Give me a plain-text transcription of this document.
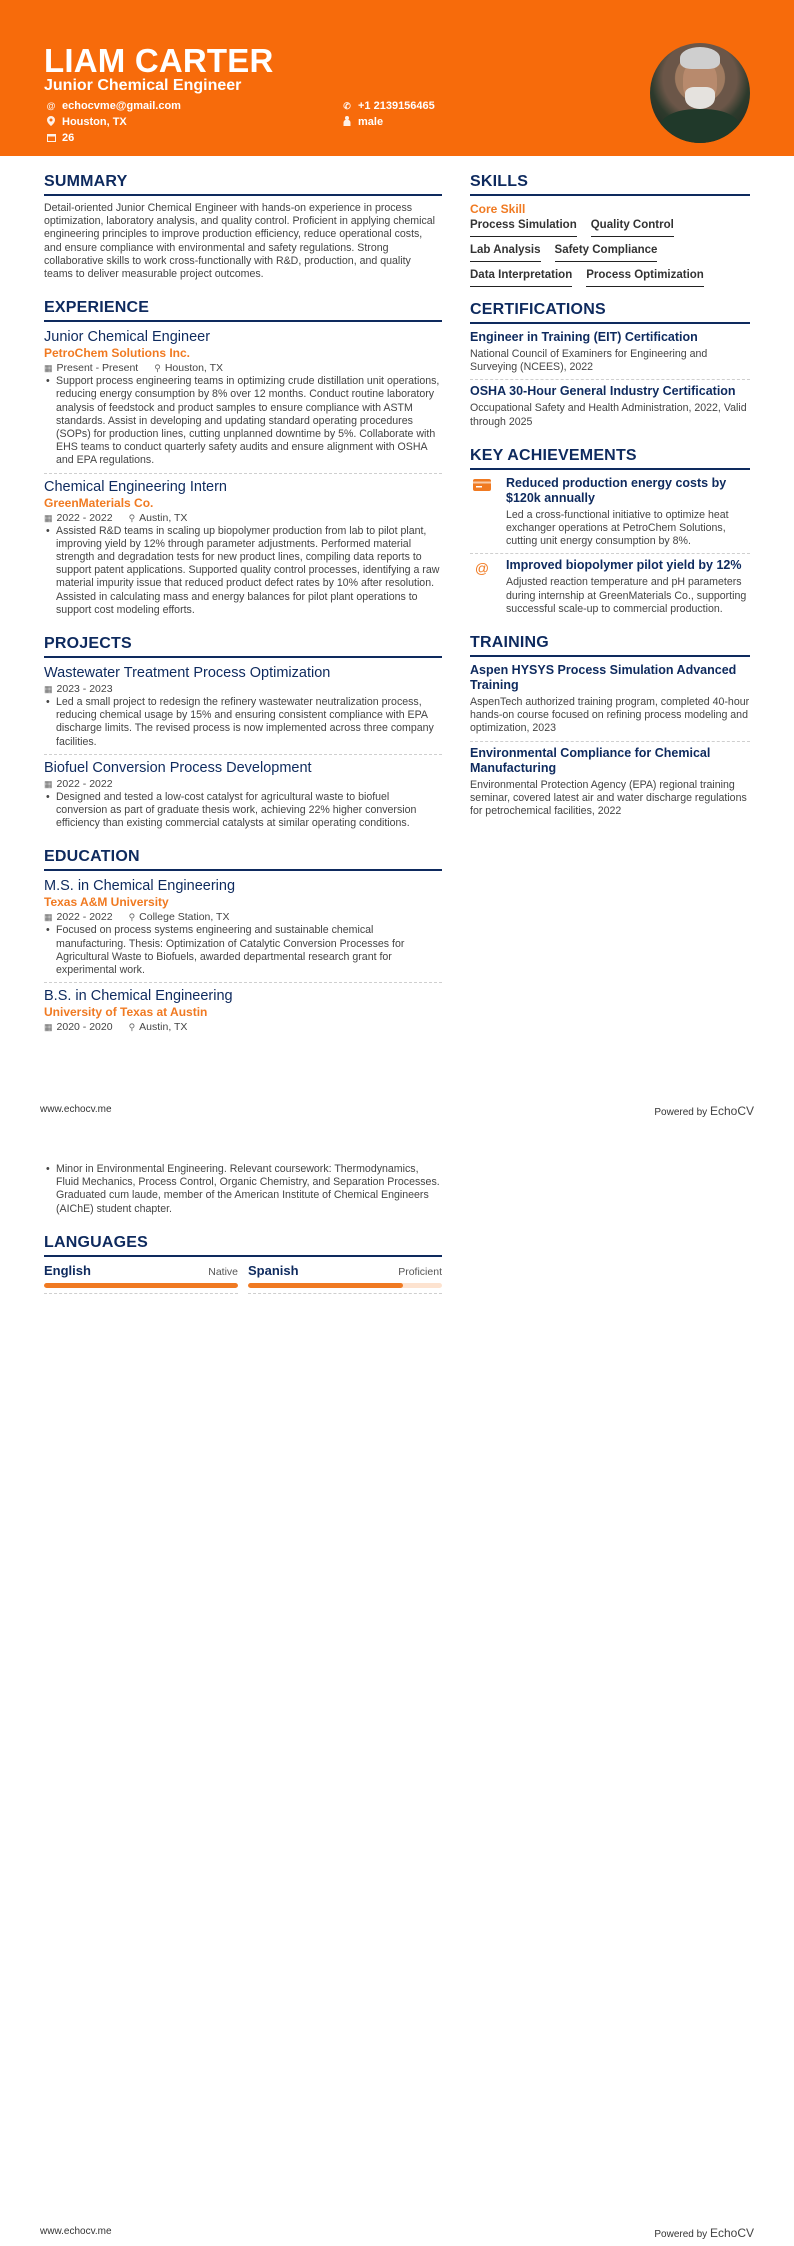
LIAM CARTER
Junior Chemical Engineer
@ echocvme@gmail.com
Houston, TX
26
✆ +1 2139156465
male
SUMMARY

Detail-oriented Junior Chemical Engineer with hands-on experience in process optimization, laboratory analysis, and quality control. Proficient in applying chemical engineering principles to improve production efficiency, reduce operational costs, and ensure compliance with environmental and safety regulations. Strong collaborative skills to work cross-functionally with R&D, production, and quality teams to deliver measurable project outcomes.

EXPERIENCE
Junior Chemical Engineer
PetroChem Solutions Inc.
▦ Present - Present ⚲ Houston, TX
• Support process engineering teams in optimizing crude distillation unit operations, reducing energy consumption by 8% over 12 months. Conduct routine laboratory analysis of feedstock and product samples to ensure compliance with ASTM standards. Assist in developing and updating standard operating procedures (SOPs) for production lines, cutting unplanned downtime by 5%. Collaborate with EHS teams to conduct quarterly safety audits and ensure alignment with OSHA and EPA regulations.
Chemical Engineering Intern
GreenMaterials Co.
▦ 2022 - 2022 ⚲ Austin, TX
• Assisted R&D teams in scaling up biopolymer production from lab to pilot plant, improving yield by 12% through parameter adjustments. Performed material strength and degradation tests for new product lines, compiling data reports to support patent applications. Supported quality control processes, identifying a raw material impurity issue that reduced product defect rates by 10% after resolution. Assisted in calculating mass and energy balances for pilot plant operations to support cost modeling efforts.
PROJECTS
Wastewater Treatment Process Optimization
▦ 2023 - 2023
• Led a small project to redesign the refinery wastewater neutralization process, reducing chemical usage by 15% and ensuring consistent compliance with EPA discharge limits. The revised process is now implemented across three company facilities.
Biofuel Conversion Process Development
▦ 2022 - 2022
• Designed and tested a low-cost catalyst for agricultural waste to biofuel conversion as part of graduate thesis work, achieving 22% higher conversion efficiency than existing commercial catalysts at similar operating conditions.
EDUCATION
M.S. in Chemical Engineering
Texas A&M University
▦ 2022 - 2022 ⚲ College Station, TX
• Focused on process systems engineering and sustainable chemical manufacturing. Thesis: Optimization of Catalytic Conversion Processes for Agricultural Waste to Biofuels, awarded departmental research grant for experimental work.
B.S. in Chemical Engineering
University of Texas at Austin
▦ 2020 - 2020 ⚲ Austin, TX
SKILLS
Core Skill
Process Simulation Quality Control
Lab Analysis Safety Compliance
Data Interpretation Process Optimization
CERTIFICATIONS
Engineer in Training (EIT) Certification
National Council of Examiners for Engineering and Surveying (NCEES), 2022
OSHA 30-Hour General Industry Certification
Occupational Safety and Health Administration, 2022, Valid through 2025
KEY ACHIEVEMENTS
Reduced production energy costs by $120k annually
Led a cross-functional initiative to optimize heat exchanger operations at PetroChem Solutions, cutting unit energy consumption by 8%.
@	Improved biopolymer pilot yield by 12%
Adjusted reaction temperature and pH parameters during internship at GreenMaterials Co., supporting successful scale-up to commercial production.
TRAINING
Aspen HYSYS Process Simulation Advanced Training
AspenTech authorized training program, completed 40-hour hands-on course focused on refining process modeling and optimization, 2023
Environmental Compliance for Chemical Manufacturing
Environmental Protection Agency (EPA) regional training seminar, covered latest air and water discharge regulations for petrochemical facilities, 2022
www.echocv.me	Powered by EchoCV
• Minor in Environmental Engineering. Relevant coursework: Thermodynamics, Fluid Mechanics, Process Control, Organic Chemistry, and Separation Processes. Graduated cum laude, member of the American Institute of Chemical Engineers (AIChE) student chapter.
LANGUAGES
English	Native Spanish	Proficient
www.echocv.me	Powered by EchoCV
